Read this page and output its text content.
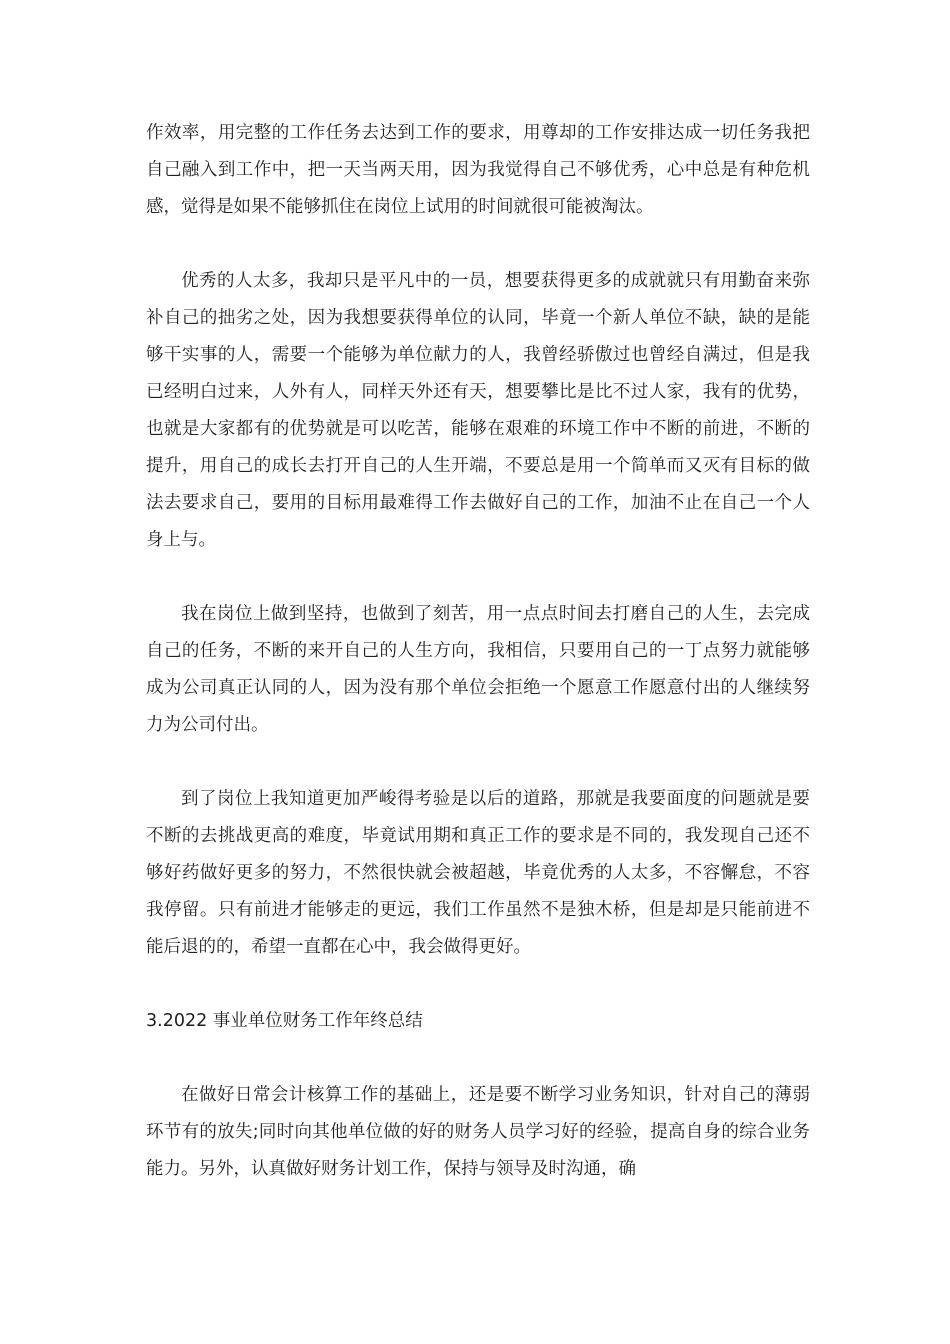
作效率，用完整的工作任务去达到工作的要求，用尊却的工作安排达成一切任务我把自己融入到工作中，把一天当两天用，因为我觉得自己不够优秀，心中总是有种危机感，觉得是如果不能够抓住在岗位上试用的时间就很可能被淘汰。

优秀的人太多，我却只是平凡中的一员，想要获得更多的成就就只有用勤奋来弥补自己的拙劣之处，因为我想要获得单位的认同，毕竟一个新人单位不缺，缺的是能够干实事的人，需要一个能够为单位献力的人，我曾经骄傲过也曾经自满过，但是我已经明白过来，人外有人，同样天外还有天，想要攀比是比不过人家，我有的优势，也就是大家都有的优势就是可以吃苦，能够在艰难的环境工作中不断的前进，不断的提升，用自己的成长去打开自己的人生开端，不要总是用一个简单而又灭有目标的做法去要求自己，要用的目标用最难得工作去做好自己的工作，加油不止在自己一个人身上与。

我在岗位上做到坚持，也做到了刻苦，用一点点时间去打磨自己的人生，去完成自己的任务，不断的来开自己的人生方向，我相信，只要用自己的一丁点努力就能够成为公司真正认同的人，因为没有那个单位会拒绝一个愿意工作愿意付出的人继续努力为公司付出。

到了岗位上我知道更加严峻得考验是以后的道路，那就是我要面度的问题就是要不断的去挑战更高的难度，毕竟试用期和真正工作的要求是不同的，我发现自己还不够好药做好更多的努力，不然很快就会被超越，毕竟优秀的人太多，不容懈怠，不容我停留。只有前进才能够走的更远，我们工作虽然不是独木桥，但是却是只能前进不能后退的的，希望一直都在心中，我会做得更好。

3.2022 事业单位财务工作年终总结

在做好日常会计核算工作的基础上，还是要不断学习业务知识，针对自己的薄弱环节有的放失;同时向其他单位做的好的财务人员学习好的经验，提高自身的综合业务能力。另外，认真做好财务计划工作，保持与领导及时沟通，确
